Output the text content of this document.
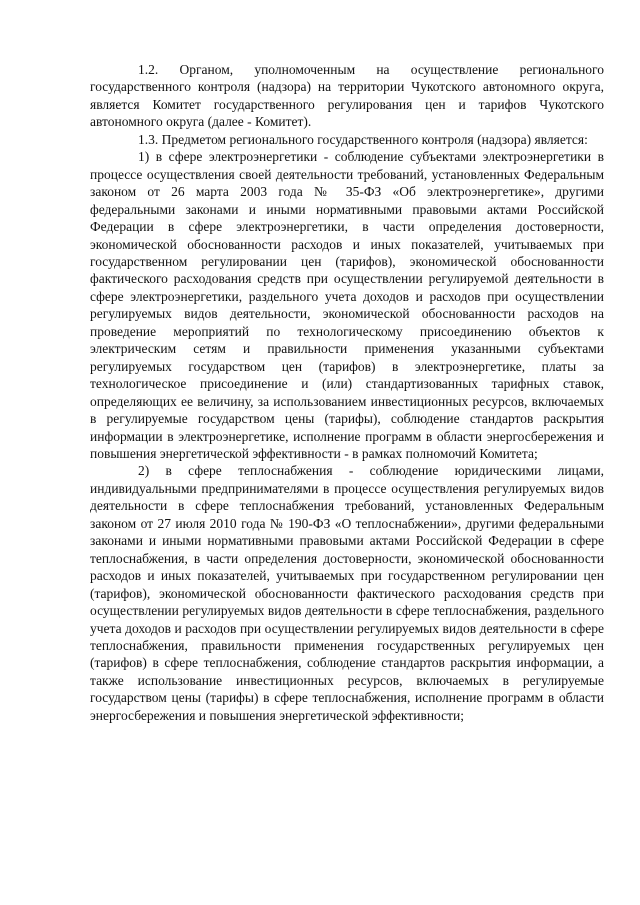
1.2. Органом, уполномоченным на осуществление регионального государственного контроля (надзора) на территории Чукотского автономного округа, является Комитет государственного регулирования цен и тарифов Чукотского автономного округа (далее - Комитет).

1.3. Предметом регионального государственного контроля (надзора) является:

1) в сфере электроэнергетики - соблюдение субъектами электроэнергетики в процессе осуществления своей деятельности требований, установленных Федеральным законом от 26 марта 2003 года № 35-ФЗ «Об электроэнергетике», другими федеральными законами и иными нормативными правовыми актами Российской Федерации в сфере электроэнергетики, в части определения достоверности, экономической обоснованности расходов и иных показателей, учитываемых при государственном регулировании цен (тарифов), экономической обоснованности фактического расходования средств при осуществлении регулируемой деятельности в сфере электроэнергетики, раздельного учета доходов и расходов при осуществлении регулируемых видов деятельности, экономической обоснованности расходов на проведение мероприятий по технологическому присоединению объектов к электрическим сетям и правильности применения указанными субъектами регулируемых государством цен (тарифов) в электроэнергетике, платы за технологическое присоединение и (или) стандартизованных тарифных ставок, определяющих ее величину, за использованием инвестиционных ресурсов, включаемых в регулируемые государством цены (тарифы), соблюдение стандартов раскрытия информации в электроэнергетике, исполнение программ в области энергосбережения и повышения энергетической эффективности - в рамках полномочий Комитета;

2) в сфере теплоснабжения - соблюдение юридическими лицами, индивидуальными предпринимателями в процессе осуществления регулируемых видов деятельности в сфере теплоснабжения требований, установленных Федеральным законом от 27 июля 2010 года № 190-ФЗ «О теплоснабжении», другими федеральными законами и иными нормативными правовыми актами Российской Федерации в сфере теплоснабжения, в части определения достоверности, экономической обоснованности расходов и иных показателей, учитываемых при государственном регулировании цен (тарифов), экономической обоснованности фактического расходования средств при осуществлении регулируемых видов деятельности в сфере теплоснабжения, раздельного учета доходов и расходов при осуществлении регулируемых видов деятельности в сфере теплоснабжения, правильности применения государственных регулируемых цен (тарифов) в сфере теплоснабжения, соблюдение стандартов раскрытия информации, а также использование инвестиционных ресурсов, включаемых в регулируемые государством цены (тарифы) в сфере теплоснабжения, исполнение программ в области энергосбережения и повышения энергетической эффективности;
